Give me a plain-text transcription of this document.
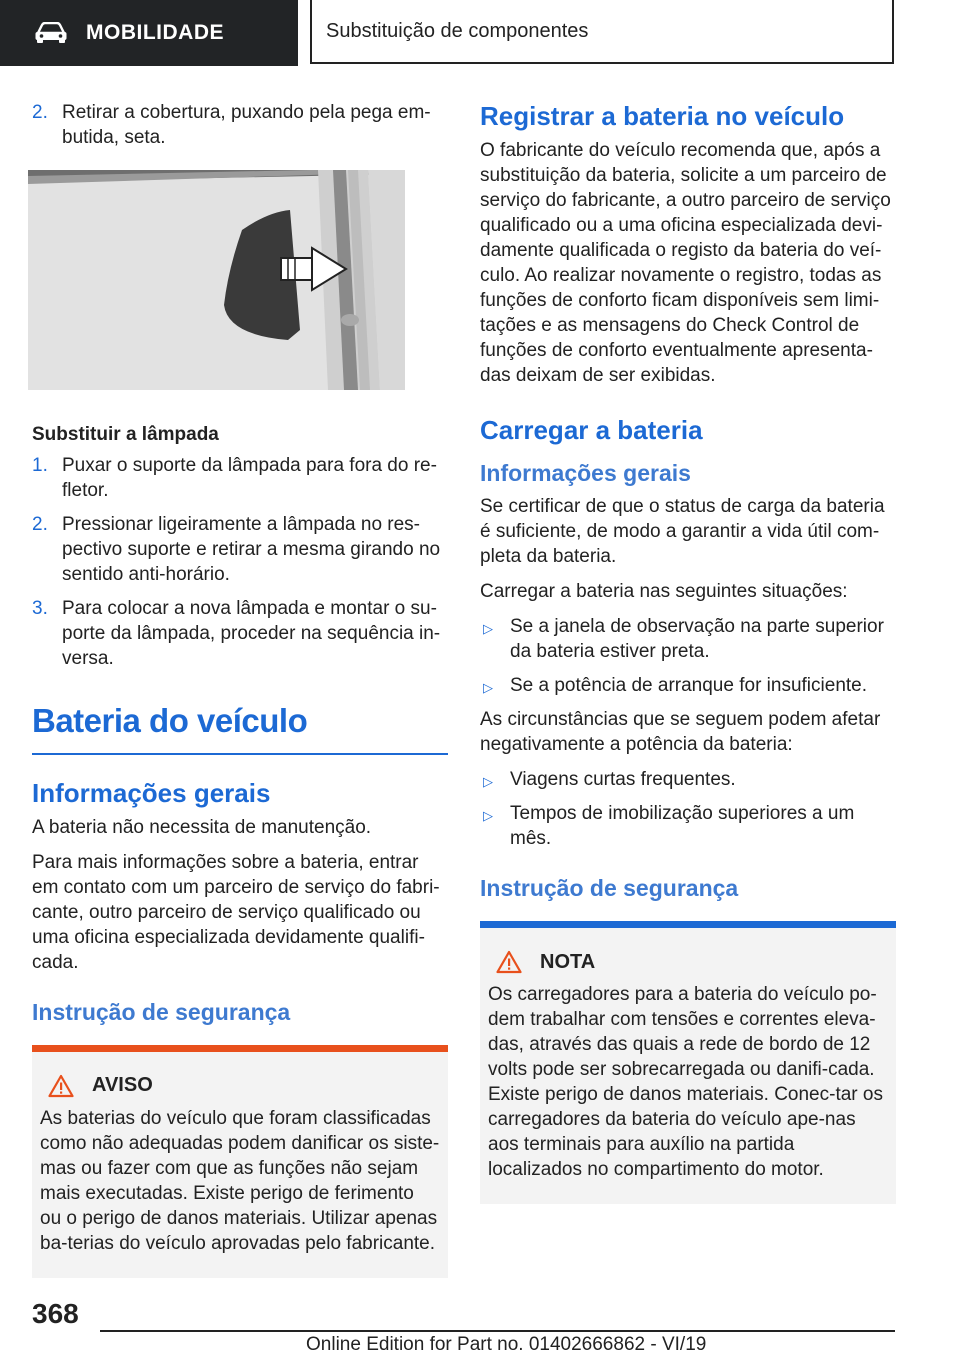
MOBILIDADE	Substituição de componentes
2. Retirar a cobertura, puxando pela pega em-butida, seta.
Substituir a lâmpada
1. Puxar o suporte da lâmpada para fora do re-fletor.
2. Pressionar ligeiramente a lâmpada no res-pectivo suporte e retirar a mesma girando no sentido anti-horário.
3. Para colocar a nova lâmpada e montar o su-porte da lâmpada, proceder na sequência in-versa.
Bateria do veículo
Informações gerais

A bateria não necessita de manutenção.

Para mais informações sobre a bateria, entrar em contato com um parceiro de serviço do fabri-cante, outro parceiro de serviço qualificado ou uma oficina especializada devidamente qualifi-cada.

Instrução de segurança
AVISO

As baterias do veículo que foram classificadas como não adequadas podem danificar os siste-mas ou fazer com que as funções não sejam mais executadas. Existe perigo de ferimento ou o perigo de danos materiais. Utilizar apenas ba-terias do veículo aprovadas pelo fabricante.

Registrar a bateria no veículo

O fabricante do veículo recomenda que, após a substituição da bateria, solicite a um parceiro de serviço do fabricante, a outro parceiro de serviço qualificado ou a uma oficina especializada devi-damente qualificada o registo da bateria do veí-culo. Ao realizar novamente o registro, todas as funções de conforto ficam disponíveis sem limi-tações e as mensagens do Check Control de funções de conforto eventualmente apresenta-das deixam de ser exibidas.

Carregar a bateria
Informações gerais

Se certificar de que o status de carga da bateria é suficiente, de modo a garantir a vida útil com-pleta da bateria.

Carregar a bateria nas seguintes situações:

▷ Se a janela de observação na parte superior da bateria estiver preta.
▷ Se a potência de arranque for insuficiente.

As circunstâncias que se seguem podem afetar negativamente a potência da bateria:

▷ Viagens curtas frequentes.
▷ Tempos de imobilização superiores a um mês.
Instrução de segurança
NOTA

Os carregadores para a bateria do veículo po-dem trabalhar com tensões e correntes eleva-das, através das quais a rede de bordo de 12 volts pode ser sobrecarregada ou danifi-cada. Existe perigo de danos materiais. Conec-tar os carregadores da bateria do veículo ape-nas aos terminais para auxílio na partida localizados no compartimento do motor.

368
Online Edition for Part no. 01402666862 - VI/19
